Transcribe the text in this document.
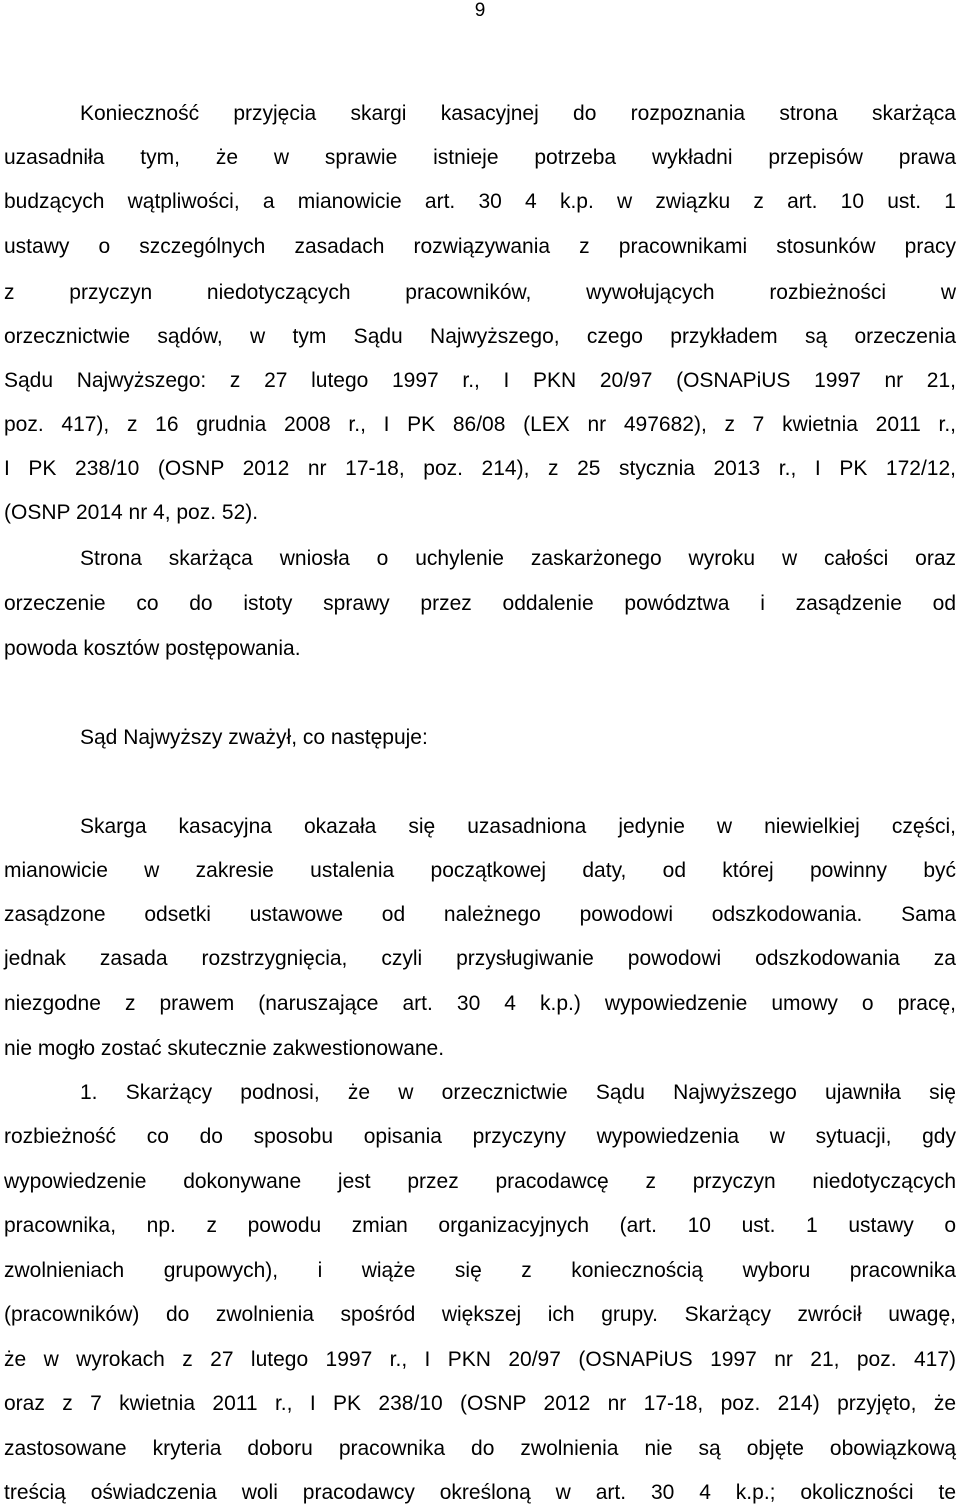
9
Konieczność przyjęcia skargi kasacyjnej do rozpoznania strona skarżąca
uzasadniła tym, że w sprawie istnieje potrzeba wykładni przepisów prawa
budzących wątpliwości, a mianowicie art. 30 4 k.p. w związku z art. 10 ust. 1
ustawy o szczególnych zasadach rozwiązywania z pracownikami stosunków pracy
z przyczyn niedotyczących pracowników, wywołujących rozbieżności w
orzecznictwie sądów, w tym Sądu Najwyższego, czego przykładem są orzeczenia
Sądu Najwyższego: z 27 lutego 1997 r., I PKN 20/97 (OSNAPiUS 1997 nr 21,
poz. 417), z 16 grudnia 2008 r., I PK 86/08 (LEX nr 497682), z 7 kwietnia 2011 r.,
I PK 238/10 (OSNP 2012 nr 17-18, poz. 214), z 25 stycznia 2013 r., I PK 172/12,
(OSNP 2014 nr 4, poz. 52).
Strona skarżąca wniosła o uchylenie zaskarżonego wyroku w całości oraz
orzeczenie co do istoty sprawy przez oddalenie powództwa i zasądzenie od
powoda kosztów postępowania.
Sąd Najwyższy zważył, co następuje:
Skarga kasacyjna okazała się uzasadniona jedynie w niewielkiej części,
mianowicie w zakresie ustalenia początkowej daty, od której powinny być
zasądzone odsetki ustawowe od należnego powodowi odszkodowania. Sama
jednak zasada rozstrzygnięcia, czyli przysługiwanie powodowi odszkodowania za
niezgodne z prawem (naruszające art. 30 4 k.p.) wypowiedzenie umowy o pracę,
nie mogło zostać skutecznie zakwestionowane.
1. Skarżący podnosi, że w orzecznictwie Sądu Najwyższego ujawniła się
rozbieżność co do sposobu opisania przyczyny wypowiedzenia w sytuacji, gdy
wypowiedzenie dokonywane jest przez pracodawcę z przyczyn niedotyczących
pracownika, np. z powodu zmian organizacyjnych (art. 10 ust. 1 ustawy o
zwolnieniach grupowych), i wiąże się z koniecznością wyboru pracownika
(pracowników) do zwolnienia spośród większej ich grupy. Skarżący zwrócił uwagę,
że w wyrokach z 27 lutego 1997 r., I PKN 20/97 (OSNAPiUS 1997 nr 21, poz. 417)
oraz z 7 kwietnia 2011 r., I PK 238/10 (OSNP 2012 nr 17-18, poz. 214) przyjęto, że
zastosowane kryteria doboru pracownika do zwolnienia nie są objęte obowiązkową
treścią oświadczenia woli pracodawcy określoną w art. 30 4 k.p.; okoliczności te
